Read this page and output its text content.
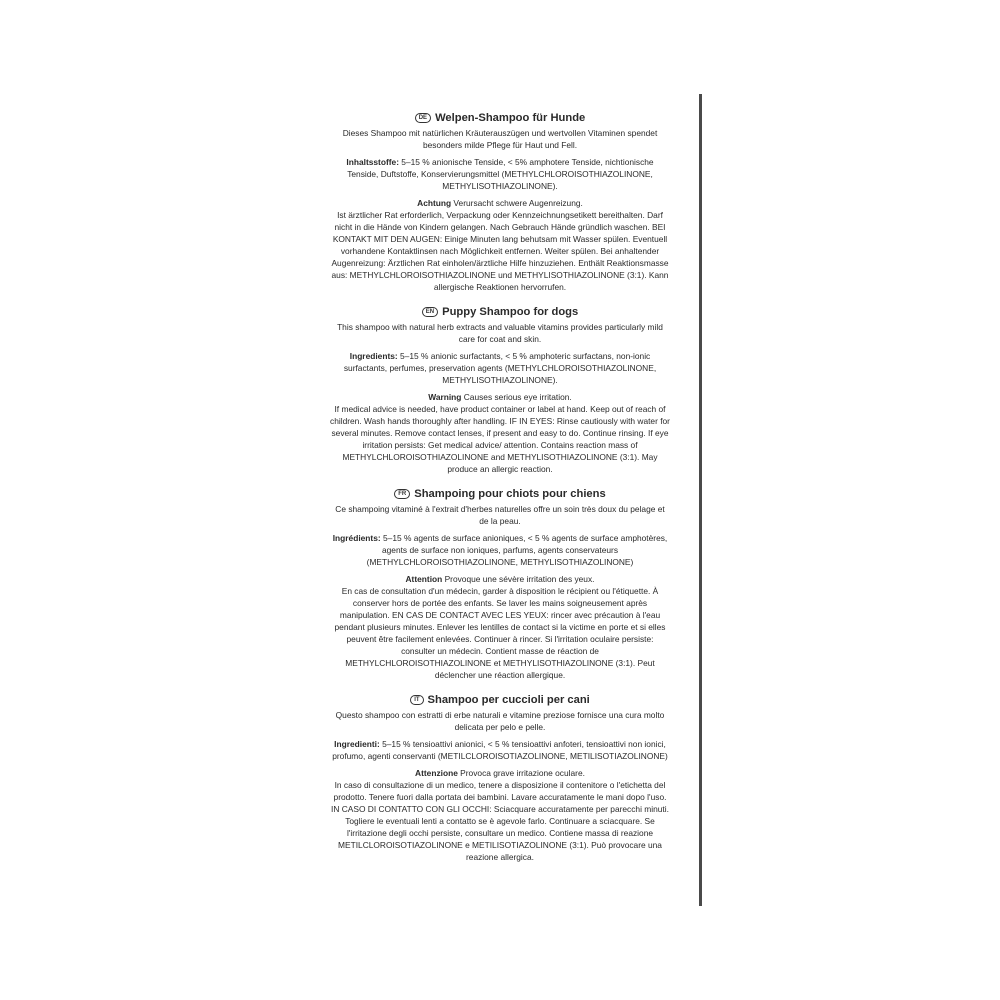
DE Welpen-Shampoo für Hunde

Dieses Shampoo mit natürlichen Kräuterauszügen und wertvollen Vitaminen spendet besonders milde Pflege für Haut und Fell.

Inhaltsstoffe: 5–15 % anionische Tenside, < 5% amphotere Tenside, nichtionische Tenside, Duftstoffe, Konservierungsmittel (METHYLCHLOROISOTHIAZOLINONE, METHYLISOTHIAZOLINONE).

Achtung Verursacht schwere Augenreizung.
Ist ärztlicher Rat erforderlich, Verpackung oder Kennzeichnungsetikett bereithalten. Darf nicht in die Hände von Kindern gelangen. Nach Gebrauch Hände gründlich waschen. BEI KONTAKT MIT DEN AUGEN: Einige Minuten lang behutsam mit Wasser spülen. Eventuell vorhandene Kontaktlinsen nach Möglichkeit entfernen. Weiter spülen. Bei anhaltender Augenreizung: Ärztlichen Rat einholen/ärztliche Hilfe hinzuziehen. Enthält Reaktionsmasse aus: METHYLCHLOROISOTHIAZOLINONE und METHYLISOTHIAZOLINONE (3:1). Kann allergische Reaktionen hervorrufen.

EN Puppy Shampoo for dogs

This shampoo with natural herb extracts and valuable vitamins provides particularly mild care for coat and skin.

Ingredients: 5–15 % anionic surfactants, < 5 % amphoteric surfactans, non-ionic surfactants, perfumes, preservation agents (METHYLCHLOROISOTHIAZOLINONE, METHYLISOTHIAZOLINONE).

Warning Causes serious eye irritation.
If medical advice is needed, have product container or label at hand. Keep out of reach of children. Wash hands thoroughly after handling. IF IN EYES: Rinse cautiously with water for several minutes. Remove contact lenses, if present and easy to do. Continue rinsing. If eye irritation persists: Get medical advice/ attention. Contains reaction mass of METHYLCHLOROISOTHIAZOLINONE and METHYLISOTHIAZOLINONE (3:1). May produce an allergic reaction.

FR Shampoing pour chiots pour chiens

Ce shampoing vitaminé à l'extrait d'herbes naturelles offre un soin très doux du pelage et de la peau.

Ingrédients: 5–15 % agents de surface anioniques, < 5 % agents de surface amphotères, agents de surface non ioniques, parfums, agents conservateurs (METHYLCHLOROISOTHIAZOLINONE, METHYLISOTHIAZOLINONE)

Attention Provoque une sévère irritation des yeux.
En cas de consultation d'un médecin, garder à disposition le récipient ou l'étiquette. À conserver hors de portée des enfants. Se laver les mains soigneusement après manipulation. EN CAS DE CONTACT AVEC LES YEUX: rincer avec précaution à l'eau pendant plusieurs minutes. Enlever les lentilles de contact si la victime en porte et si elles peuvent être facilement enlevées. Continuer à rincer. Si l'irritation oculaire persiste: consulter un médecin. Contient masse de réaction de METHYLCHLOROISOTHIAZOLINONE et METHYLISOTHIAZOLINONE (3:1). Peut déclencher une réaction allergique.

IT Shampoo per cuccioli per cani

Questo shampoo con estratti di erbe naturali e vitamine preziose fornisce una cura molto delicata per pelo e pelle.

Ingredienti: 5–15 % tensioattivi anionici, < 5 % tensioattivi anfoteri, tensioattivi non ionici, profumo, agenti conservanti (METILCLOROISOTIAZOLINONE, METILISOTIAZOLINONE)

Attenzione Provoca grave irritazione oculare.
In caso di consultazione di un medico, tenere a disposizione il contenitore o l'etichetta del prodotto. Tenere fuori dalla portata dei bambini. Lavare accuratamente le mani dopo l'uso. IN CASO DI CONTATTO CON GLI OCCHI: Sciacquare accuratamente per parecchi minuti. Togliere le eventuali lenti a contatto se è agevole farlo. Continuare a sciacquare. Se l'irritazione degli occhi persiste, consultare un medico. Contiene massa di reazione METILCLOROISOTIAZOLINONE e METILISOTIAZOLINONE (3:1). Può provocare una reazione allergica.
